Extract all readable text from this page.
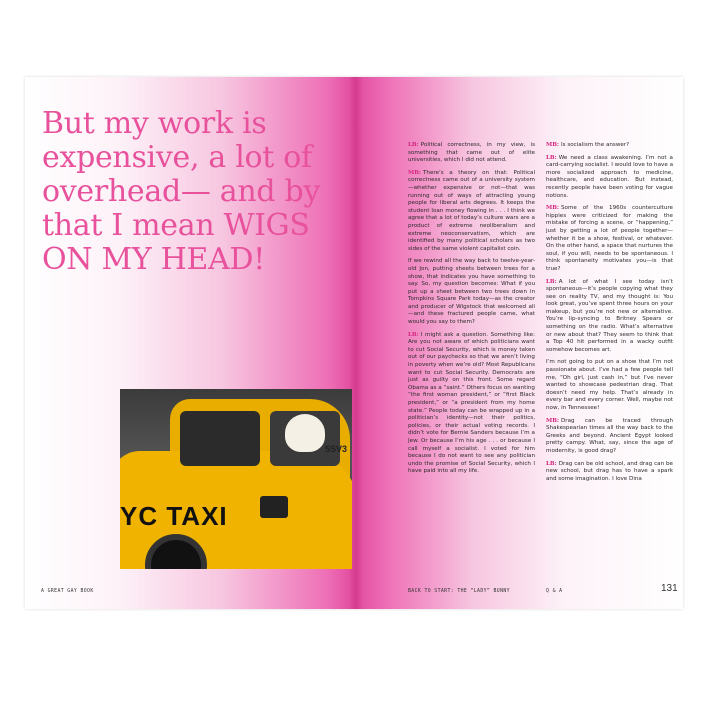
But my work is expensive, a lot of overhead— and by that I mean WIGS ON MY HEAD!
YC TAXI
5SV3

LB: Political correctness, in my view, is something that came out of elite universities, which I did not attend.

MB: There’s a theory on that: Political correctness came out of a university system—whether expensive or not—that was running out of ways of attracting young people for liberal arts degrees. It keeps the student loan money flowing in . . . I think we agree that a lot of today’s culture wars are a product of extreme neoliberalism and extreme neoconservatism, which are identified by many political scholars as two sides of the same violent capitalist coin.

If we rewind all the way back to twelve-year-old Jon, putting sheets between trees for a show, that indicates you have something to say. So, my question becomes: What if you put up a sheet between two trees down in Tompkins Square Park today—as the creator and producer of Wigstock that welcomed all—and these fractured people came, what would you say to them?

LB: I might ask a question. Something like: Are you not aware of which politicians want to cut Social Security, which is money taken out of our paychecks so that we aren’t living in poverty when we’re old? Most Republicans want to cut Social Security. Democrats are just as guilty on this front. Some regard Obama as a “saint.” Others focus on wanting “the first woman president,” or “first Black president,” or “a president from my home state.” People today can be wrapped up in a politician’s identity—not their politics, policies, or their actual voting records. I didn’t vote for Bernie Sanders because I’m a Jew. Or because I’m his age . . . or because I call myself a socialist. I voted for him because I do not want to see any politician undo the promise of Social Security, which I have paid into all my life.

MB: Is socialism the answer?

LB: We need a class awakening. I’m not a card-carrying socialist. I would love to have a more socialized approach to medicine, healthcare, and education. But instead, recently people have been voting for vague notions.

MB: Some of the 1960s counterculture hippies were criticized for making the mistake of forcing a scene, or “happening,” just by getting a lot of people together—whether it be a show, festival, or whatever. On the other hand, a space that nurtures the soul, if you will, needs to be spontaneous. I think spontaneity motivates you—is that true?

LB: A lot of what I see today isn’t spontaneous—it’s people copying what they see on reality TV, and my thought is: You look great, you’ve spent three hours on your makeup, but you’re not new or alternative. You’re lip-syncing to Britney Spears or something on the radio. What’s alternative or new about that? They seem to think that a Top 40 hit performed in a wacky outfit somehow becomes art.

I’m not going to put on a show that I’m not passionate about. I’ve had a few people tell me, “Oh girl, just cash in,” but I’ve never wanted to showcase pedestrian drag. That doesn’t need my help. That’s already in every bar and every corner. Well, maybe not now, in Tennessee!

MB: Drag can be traced through Shakespearian times all the way back to the Greeks and beyond. Ancient Egypt looked pretty campy. What, say, since the age of modernity, is good drag?

LB: Drag can be old school, and drag can be new school, but drag has to have a spark and some imagination. I love Dina

A GREAT GAY BOOK	BACK TO START: THE “LADY” BUNNY	Q & A	131
